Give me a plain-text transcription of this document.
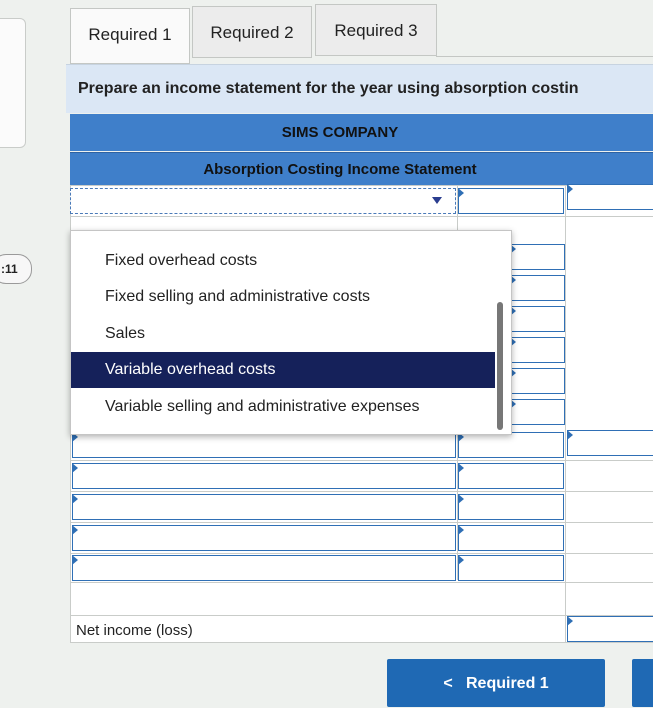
:11
Required 1	Required 2	Required 3
Prepare an income statement for the year using absorption costin
SIMS COMPANY
Absorption Costing Income Statement
Net income (loss)
Fixed overhead costs
Fixed selling and administrative costs
Sales
Variable overhead costs
Variable selling and administrative expenses
< Required 1
